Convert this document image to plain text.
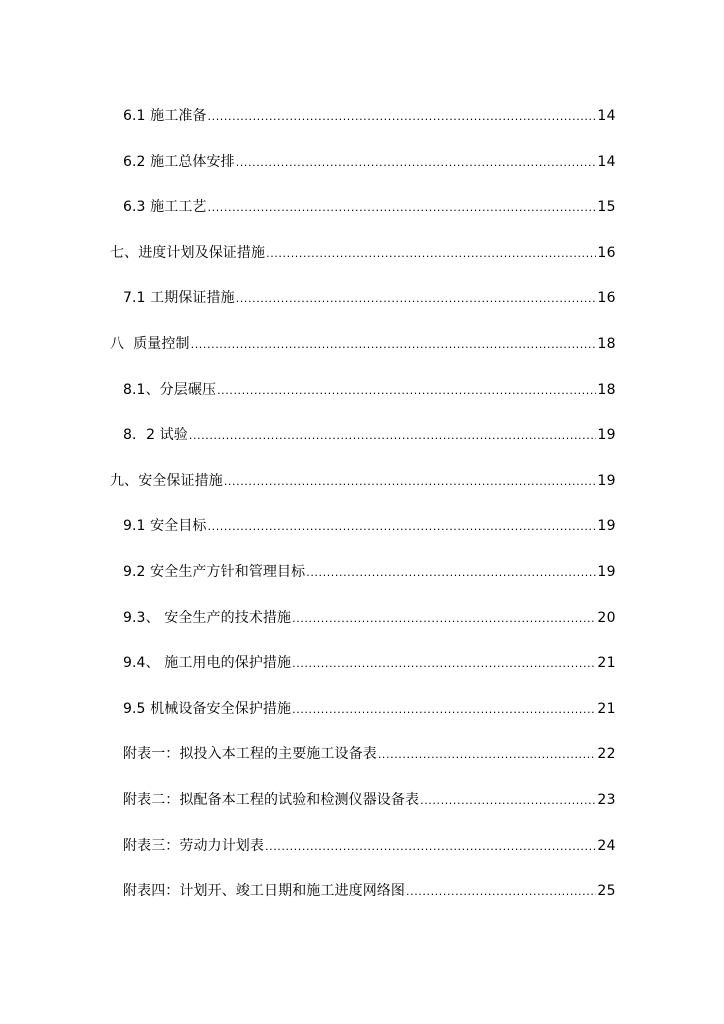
6.1 施工准备 .....	14
6.2 施工总体安排 .....	14
6.3 施工工艺 .....	15
七、进度计划及保证措施 .....	16
7.1 工期保证措施 .....	16
八  质量控制 .....	18
8.1、分层碾压 .....	18
8．2 试验 .....	19
九、安全保证措施 .....	19
9.1 安全目标 .....	19
9.2 安全生产方针和管理目标 .....	19
9.3、 安全生产的技术措施 .....	20
9.4、 施工用电的保护措施 .....	21
9.5 机械设备安全保护措施 .....	21
附表一：拟投入本工程的主要施工设备表 .....	22
附表二：拟配备本工程的试验和检测仪器设备表 .....	23
附表三：劳动力计划表 .....	24
附表四：计划开、竣工日期和施工进度网络图 .....	25
